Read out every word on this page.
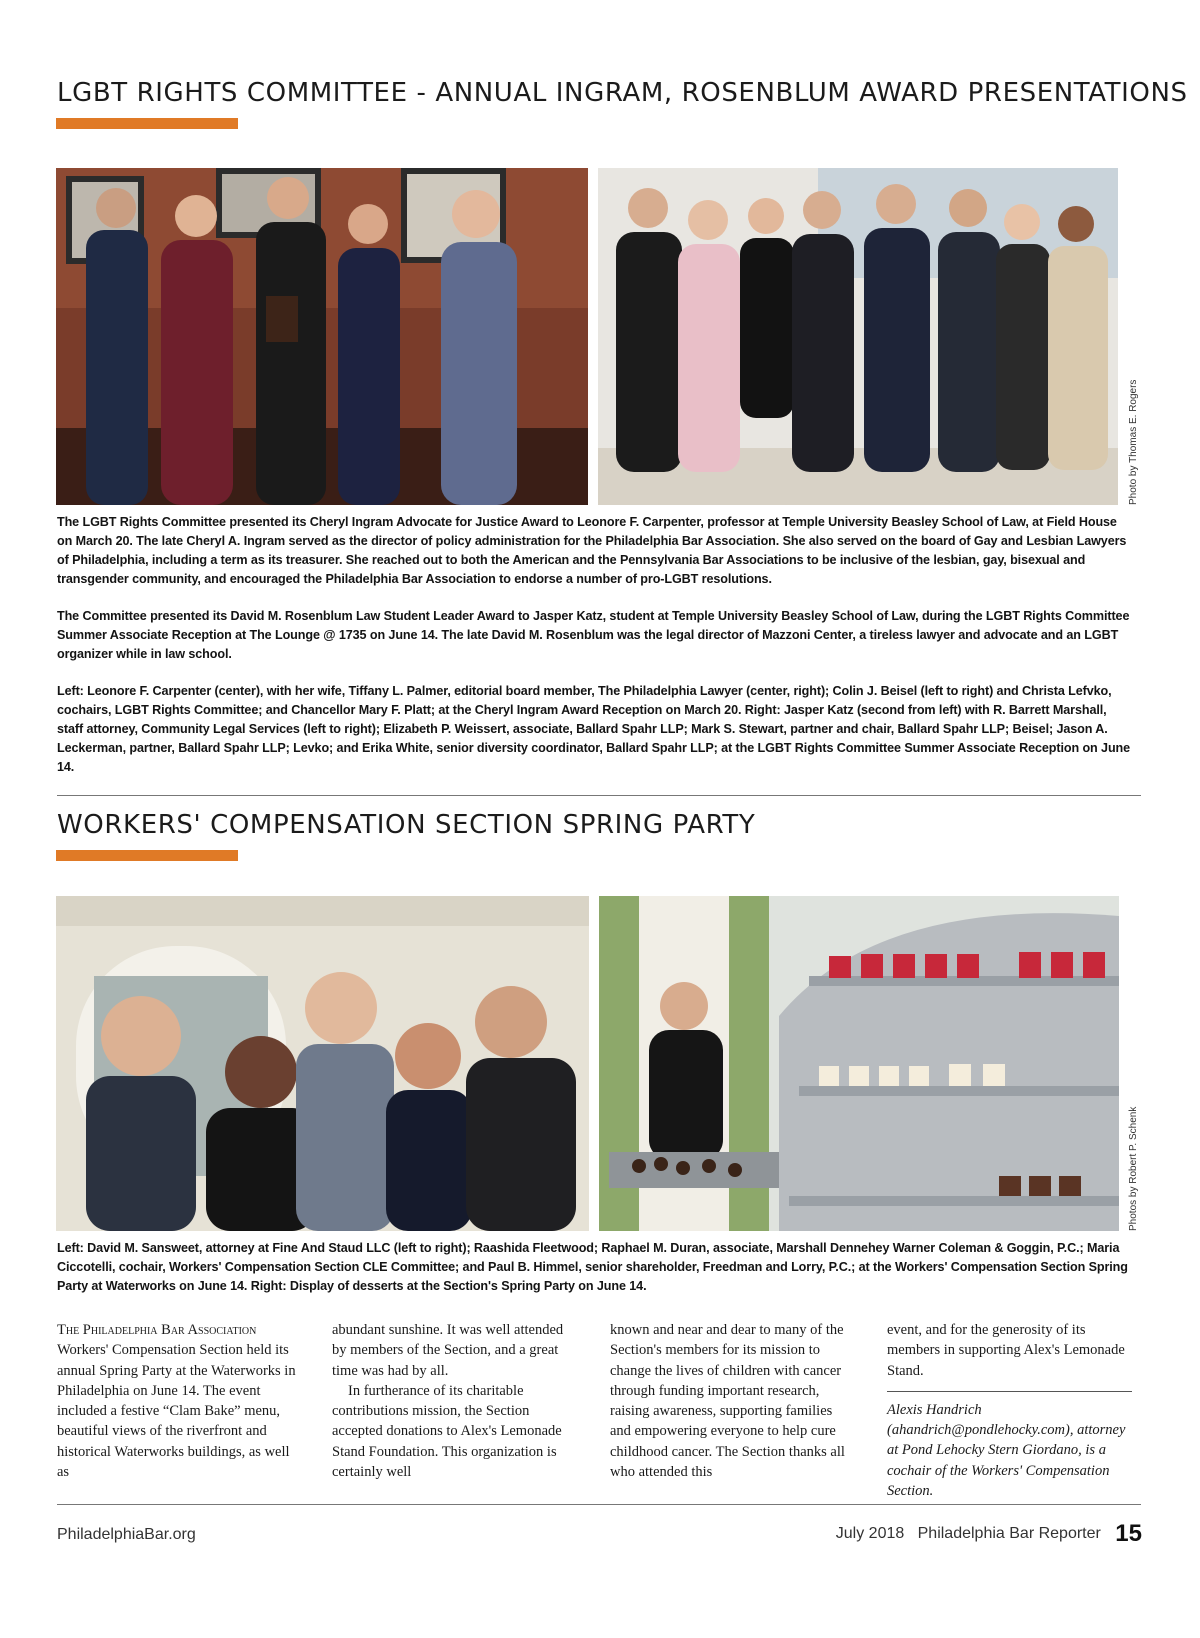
LGBT RIGHTS COMMITTEE - ANNUAL INGRAM, ROSENBLUM AWARD PRESENTATIONS
Photo by Thomas E. Rogers

The LGBT Rights Committee presented its Cheryl Ingram Advocate for Justice Award to Leonore F. Carpenter, professor at Temple University Beasley School of Law, at Field House on March 20. The late Cheryl A. Ingram served as the director of policy administration for the Philadelphia Bar Association. She also served on the board of Gay and Lesbian Lawyers of Philadelphia, including a term as its treasurer. She reached out to both the American and the Pennsylvania Bar Associations to be inclusive of the lesbian, gay, bisexual and transgender community, and encouraged the Philadelphia Bar Association to endorse a number of pro-LGBT resolutions.

The Committee presented its David M. Rosenblum Law Student Leader Award to Jasper Katz, student at Temple University Beasley School of Law, during the LGBT Rights Committee Summer Associate Reception at The Lounge @ 1735 on June 14. The late David M. Rosenblum was the legal director of Mazzoni Center, a tireless lawyer and advocate and an LGBT organizer while in law school.

Left: Leonore F. Carpenter (center), with her wife, Tiffany L. Palmer, editorial board member, The Philadelphia Lawyer (center, right); Colin J. Beisel (left to right) and Christa Lefvko, cochairs, LGBT Rights Committee; and Chancellor Mary F. Platt; at the Cheryl Ingram Award Reception on March 20. Right: Jasper Katz (second from left) with R. Barrett Marshall, staff attorney, Community Legal Services (left to right); Elizabeth P. Weissert, associate, Ballard Spahr LLP; Mark S. Stewart, partner and chair, Ballard Spahr LLP; Beisel; Jason A. Leckerman, partner, Ballard Spahr LLP; Levko; and Erika White, senior diversity coordinator, Ballard Spahr LLP; at the LGBT Rights Committee Summer Associate Reception on June 14.

WORKERS' COMPENSATION SECTION SPRING PARTY
Photos by Robert P. Schenk

Left: David M. Sansweet, attorney at Fine And Staud LLC (left to right); Raashida Fleetwood; Raphael M. Duran, associate, Marshall Dennehey Warner Coleman & Goggin, P.C.; Maria Ciccotelli, cochair, Workers' Compensation Section CLE Committee; and Paul B. Himmel, senior shareholder, Freedman and Lorry, P.C.; at the Workers' Compensation Section Spring Party at Waterworks on June 14. Right: Display of desserts at the Section's Spring Party on June 14.

The Philadelphia Bar Association Workers' Compensation Section held its annual Spring Party at the Waterworks in Philadelphia on June 14. The event included a festive “Clam Bake” menu, beautiful views of the riverfront and historical Waterworks buildings, as well as

abundant sunshine. It was well attended by members of the Section, and a great time was had by all.

In furtherance of its charitable contributions mission, the Section accepted donations to Alex's Lemonade Stand Foundation. This organization is certainly well

event, and for the generosity of its members in supporting Alex's Lemonade Stand.

Alexis Handrich (ahandrich@pondlehocky.com), attorney at Pond Lehocky Stern Giordano, is a cochair of the Workers' Compensation Section.

PhiladelphiaBar.org	July 2018 Philadelphia Bar Reporter 15

known and near and dear to many of the Section's members for its mission to change the lives of children with cancer through funding important research, raising awareness, supporting families and empowering everyone to help cure childhood cancer. The Section thanks all who attended this
